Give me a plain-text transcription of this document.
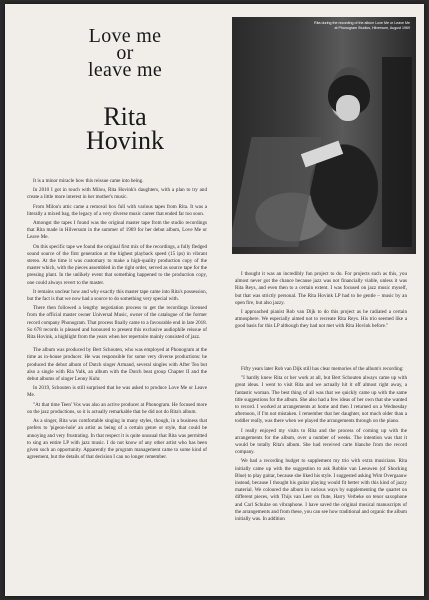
Love me
or
leave me
Rita
Hovink
Rita during the recording of the album Love Me or Leave Me
at Phonogram Studios, Hilversum, August 1969

It is a minor miracle how this reissue came into being.

In 2010 I got in touch with Milou, Rita Hovink's daughters, with a plan to try and create a little more interest in her mother's music.

From Milou's attic came a removal box full with various tapes from Rita. It was a literally a mixed bag, the legacy of a very diverse music career that ended far too soon.

Amongst the tapes I found was the original master tape from the studio recordings that Rita made in Hilversum in the summer of 1969 for her debut album, Love Me or Leave Me.

On this specific tape we found the original first mix of the recordings, a fully fledged sound source of the first generation at the highest playback speed (15 ips) in vibrant stereo. At the time it was customary to make a high-quality production copy of the master which, with the pieces assembled in the right order, served as source tape for the pressing plant. In the unlikely event that something happened to the production copy, one could always revert to the master.

It remains unclear how and why exactly this master tape came into Rita's possession, but the fact is that we now had a source to do something very special with.

There then followed a lengthy negotiation process to get the recordings licensed from the official master owner Universal Music, owner of the catalogue of the former record company Phonogram. That process finally came to a favourable end in late 2018. So 678 records is pleased and honoured to present this exclusive audiophile reissue of Rita Hovink, a highlight from the years when her repertoire mainly consisted of jazz.

The album was produced by Bert Schouten, who was employed at Phonogram at the time as in-house producer. He was responsible for some very diverse productions: he produced the debut album of Dutch singer Armand, several singles with After Tea but also a single with Ria Valk, an album with the Dutch beat group Chapter II and the debut albums of singer Lenny Kuhr.

In 2019, Schouten is still surprised that he was asked to produce Love Me or Leave Me.

"At that time Teen' Vos was also an active producer at Phonogram. He focused more on the jazz productions, so it is actually remarkable that he did not do Rita's album.

As a singer, Rita was comfortable singing in many styles, though, in a business that prefers to 'pigeon-hole' an artist as being of a certain genre or style, that could be annoying and very frustrating. In that respect it is quite unusual that Rita was permitted to sing an entire LP with jazz music. I do not know of any other artist who has been given such an opportunity. Apparently the program management came to some kind of agreement, but the details of that decision I can no longer remember.

I thought it was an incredibly fun project to do. For projects such as this, you almost never got the chance because jazz was not financially viable, unless it was Rita Reys, and even then to a certain extent. I was focused on jazz music myself, but that was strictly personal. The Rita Hovink LP had to be gentle – music by an open fire, but also jazzy.

I approached pianist Rob van Dijk to do this project as he radiated a certain atmosphere. We especially aimed not to recreate Rita Reys. His trio seemed like a good basis for this LP although they had not met with Rita Hovink before."

Fifty years later Rob van Dijk still has clear memories of the album's recording:

"I hardly knew Rita or her work at all, but Bert Schouten always came up with great ideas. I went to visit Rita and we actually hit it off almost right away, a fantastic woman. The best thing of all was that we quickly came up with the same title suggestions for the album. She also had a few ideas of her own that she wanted to record. I worked at arrangements at home and then I returned on a Wednesday afternoon, if I'm not mistaken. I remember that her daughter, not much older than a toddler really, was there when we played the arrangements through on the piano.

I really enjoyed my visits to Rita and the process of coming up with the arrangements for the album, over a number of weeks. The intention was that it would be totally Rita's album. She had received carte blanche from the record company.

We had a recording budget to supplement my trio with extra musicians. Rita initially came up with the suggestion to ask Robbie van Leeuwen (of Shocking Blue) to play guitar, because she liked his style. I suggested asking Wim Overgaauw instead, because I thought his guitar playing would fit better with this kind of jazzy material. We coloured the album in various ways by supplementing the quartet on different pieces, with Thijs van Leer on flute, Harry Verbeke on tenor saxophone and Carl Schulze on vibraphone. I have saved the original musical manuscripts of the arrangements and from these, you can see how traditional and organic the album initially was. In addition
